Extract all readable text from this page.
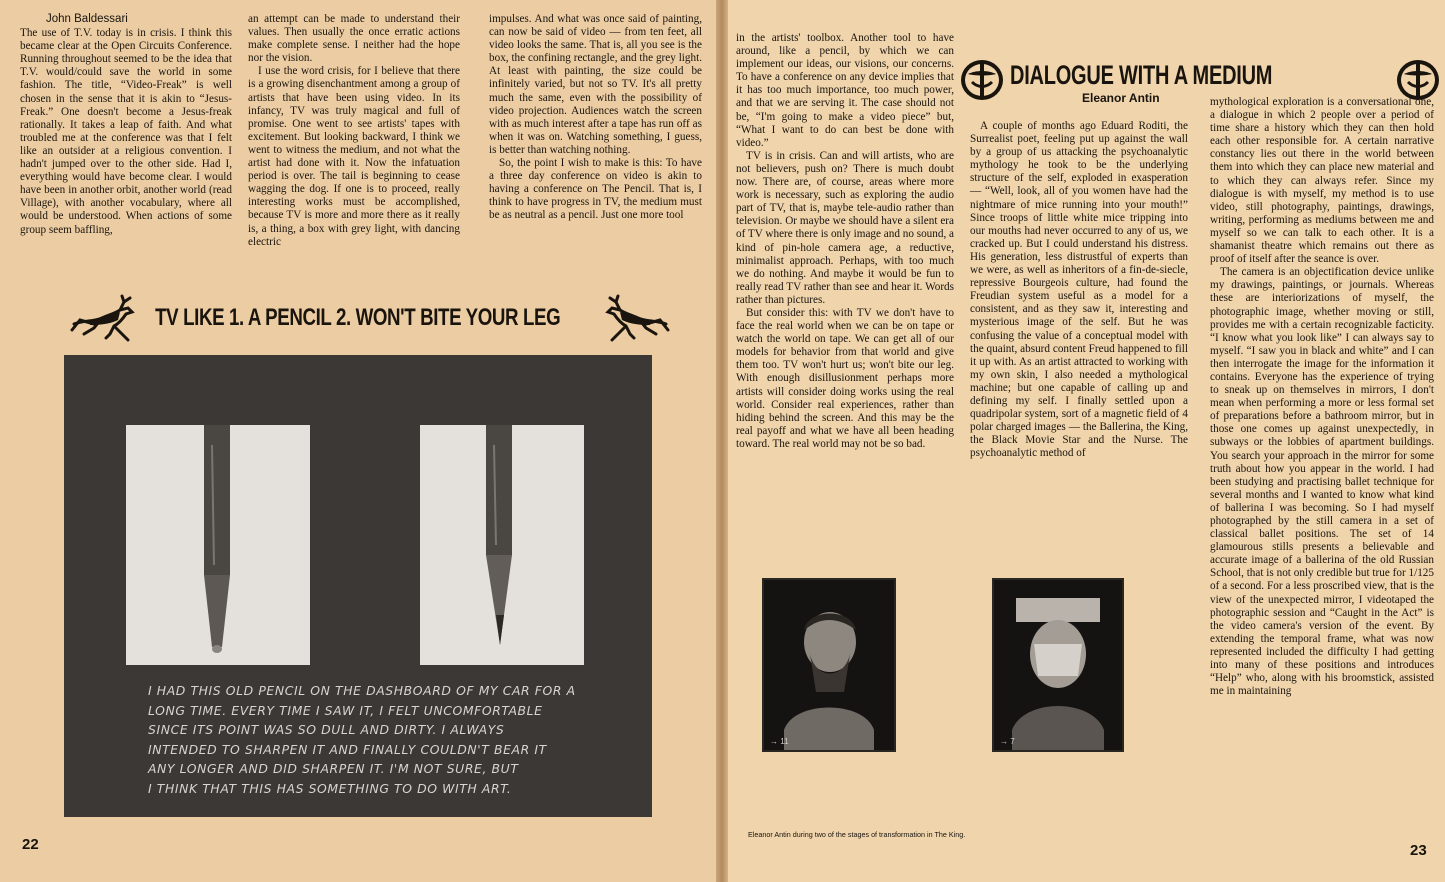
John Baldessari

The use of T.V. today is in crisis. I think this became clear at the Open Circuits Conference. Running throughout seemed to be the idea that T.V. would/could save the world in some fashion. The title, “Video-Freak” is well chosen in the sense that it is akin to “Jesus-Freak.” One doesn't become a Jesus-freak rationally. It takes a leap of faith. And what troubled me at the conference was that I felt like an outsider at a religious convention. I hadn't jumped over to the other side. Had I, everything would have become clear. I would have been in another orbit, another world (read Village), with another vocabulary, where all would be understood. When actions of some group seem baffling,

an attempt can be made to understand their values. Then usually the once erratic actions make complete sense. I neither had the hope nor the vision.

I use the word crisis, for I believe that there is a growing disenchantment among a group of artists that have been using video. In its infancy, TV was truly magical and full of promise. One went to see artists' tapes with excitement. But looking backward, I think we went to witness the medium, and not what the artist had done with it. Now the infatuation period is over. The tail is beginning to cease wagging the dog. If one is to proceed, really interesting works must be accomplished, because TV is more and more there as it really is, a thing, a box with grey light, with dancing electric

impulses. And what was once said of painting, can now be said of video — from ten feet, all video looks the same. That is, all you see is the box, the confining rectangle, and the grey light. At least with painting, the size could be infinitely varied, but not so TV. It's all pretty much the same, even with the possibility of video projection. Audiences watch the screen with as much interest after a tape has run off as when it was on. Watching something, I guess, is better than watching nothing.

So, the point I wish to make is this: To have a three day conference on video is akin to having a conference on The Pencil. That is, I think to have progress in TV, the medium must be as neutral as a pencil. Just one more tool

TV LIKE 1. A PENCIL 2. WON'T BITE YOUR LEG
I HAD THIS OLD PENCIL ON THE DASHBOARD OF MY CAR FOR A
LONG TIME. EVERY TIME I SAW IT, I FELT UNCOMFORTABLE
SINCE ITS POINT WAS SO DULL AND DIRTY. I ALWAYS
INTENDED TO SHARPEN IT AND FINALLY COULDN'T BEAR IT
ANY LONGER AND DID SHARPEN IT. I'M NOT SURE, BUT
I THINK THAT THIS HAS SOMETHING TO DO WITH ART.
22

in the artists' toolbox. Another tool to have around, like a pencil, by which we can implement our ideas, our visions, our concerns. To have a conference on any device implies that it has too much importance, too much power, and that we are serving it. The case should not be, “I'm going to make a video piece” but, “What I want to do can best be done with video.”

TV is in crisis. Can and will artists, who are not believers, push on? There is much doubt now. There are, of course, areas where more work is necessary, such as exploring the audio part of TV, that is, maybe tele-audio rather than television. Or maybe we should have a silent era of TV where there is only image and no sound, a kind of pin-hole camera age, a reductive, minimalist approach. Perhaps, with too much we do nothing. And maybe it would be fun to really read TV rather than see and hear it. Words rather than pictures.

But consider this: with TV we don't have to face the real world when we can be on tape or watch the world on tape. We can get all of our models for behavior from that world and give them too. TV won't hurt us; won't bite our leg. With enough disillusionment perhaps more artists will consider doing works using the real world. Consider real experiences, rather than hiding behind the screen. And this may be the real payoff and what we have all been heading toward. The real world may not be so bad.

DIALOGUE WITH A MEDIUM
Eleanor Antin

A couple of months ago Eduard Roditi, the Surrealist poet, feeling put up against the wall by a group of us attacking the psychoanalytic mythology he took to be the underlying structure of the self, exploded in exasperation — “Well, look, all of you women have had the nightmare of mice running into your mouth!” Since troops of little white mice tripping into our mouths had never occurred to any of us, we cracked up. But I could understand his distress. His generation, less distrustful of experts than we were, as well as inheritors of a fin-de-siecle, repressive Bourgeois culture, had found the Freudian system useful as a model for a consistent, and as they saw it, interesting and mysterious image of the self. But he was confusing the value of a conceptual model with the quaint, absurd content Freud happened to fill it up with. As an artist attracted to working with my own skin, I also needed a mythological machine; but one capable of calling up and defining my self. I finally settled upon a quadripolar system, sort of a magnetic field of 4 polar charged images — the Ballerina, the King, the Black Movie Star and the Nurse. The psychoanalytic method of

mythological exploration is a conversational one, a dialogue in which 2 people over a period of time share a history which they can then hold each other responsible for. A certain narrative constancy lies out there in the world between them into which they can place new material and to which they can always refer. Since my dialogue is with myself, my method is to use video, still photography, paintings, drawings, writing, performing as mediums between me and myself so we can talk to each other. It is a shamanist theatre which remains out there as proof of itself after the seance is over.

The camera is an objectification device unlike my drawings, paintings, or journals. Whereas these are interiorizations of myself, the photographic image, whether moving or still, provides me with a certain recognizable facticity. “I know what you look like” I can always say to myself. “I saw you in black and white” and I can then interrogate the image for the information it contains. Everyone has the experience of trying to sneak up on themselves in mirrors, I don't mean when performing a more or less formal set of preparations before a bathroom mirror, but in those one comes up against unexpectedly, in subways or the lobbies of apartment buildings. You search your approach in the mirror for some truth about how you appear in the world. I had been studying and practising ballet technique for several months and I wanted to know what kind of ballerina I was becoming. So I had myself photographed by the still camera in a set of classical ballet positions. The set of 14 glamourous stills presents a believable and accurate image of a ballerina of the old Russian School, that is not only credible but true for 1/125 of a second. For a less proscribed view, that is the view of the unexpected mirror, I videotaped the photographic session and “Caught in the Act” is the video camera's version of the event. By extending the temporal frame, what was now represented included the difficulty I had getting into many of these positions and introduces “Help” who, along with his broomstick, assisted me in maintaining

→ 11	→ 7
Eleanor Antin during two of the stages of transformation in The King.
23
